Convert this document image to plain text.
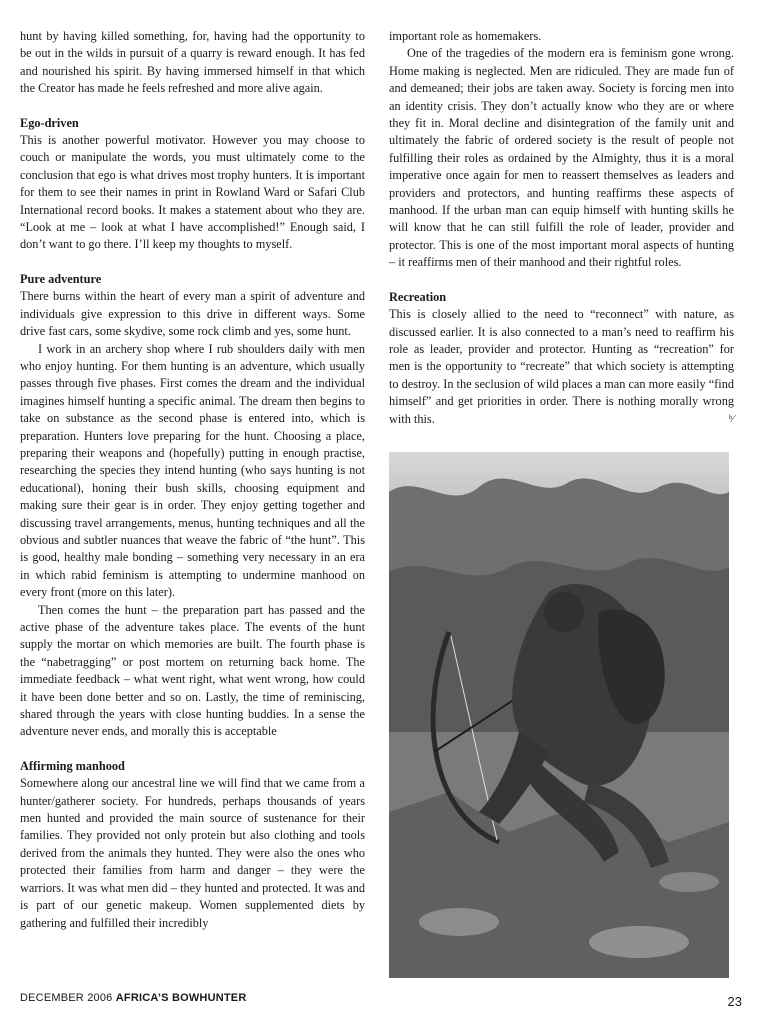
hunt by having killed something, for, having had the opportunity to be out in the wilds in pursuit of a quarry is reward enough. It has fed and nourished his spirit. By having immersed himself in that which the Creator has made he feels refreshed and more alive again.

Ego-driven

This is another powerful motivator. However you may choose to couch or manipulate the words, you must ultimately come to the conclusion that ego is what drives most trophy hunters. It is important for them to see their names in print in Rowland Ward or Safari Club International record books. It makes a statement about who they are. “Look at me – look at what I have accomplished!” Enough said, I don’t want to go there. I’ll keep my thoughts to myself.

Pure adventure

There burns within the heart of every man a spirit of adventure and individuals give expression to this drive in different ways. Some drive fast cars, some skydive, some rock climb and yes, some hunt.

I work in an archery shop where I rub shoulders daily with men who enjoy hunting. For them hunting is an adventure, which usually passes through five phases. First comes the dream and the individual imagines himself hunting a specific animal. The dream then begins to take on substance as the second phase is entered into, which is preparation. Hunters love preparing for the hunt. Choosing a place, preparing their weapons and (hopefully) putting in enough practise, researching the species they intend hunting (who says hunting is not educational), honing their bush skills, choosing equipment and making sure their gear is in order. They enjoy getting together and discussing travel arrangements, menus, hunting techniques and all the obvious and subtler nuances that weave the fabric of “the hunt”. This is good, healthy male bonding – something very necessary in an era in which rabid feminism is attempting to undermine manhood on every front (more on this later).

Then comes the hunt – the preparation part has passed and the active phase of the adventure takes place. The events of the hunt supply the mortar on which memories are built. The fourth phase is the “nabetragging” or post mortem on returning back home. The immediate feedback – what went right, what went wrong, how could it have been done better and so on. Lastly, the time of reminiscing, shared through the years with close hunting buddies. In a sense the adventure never ends, and morally this is acceptable

Affirming manhood

Somewhere along our ancestral line we will find that we came from a hunter/gatherer society. For hundreds, perhaps thousands of years men hunted and provided the main source of sustenance for their families. They provided not only protein but also clothing and tools derived from the animals they hunted. They were also the ones who protected their families from harm and danger – they were the warriors. It was what men did – they hunted and protected. It was and is part of our genetic makeup. Women supplemented diets by gathering and fulfilled their incredibly

important role as homemakers.

One of the tragedies of the modern era is feminism gone wrong. Home making is neglected. Men are ridiculed. They are made fun of and demeaned; their jobs are taken away. Society is forcing men into an identity crisis. They don’t actually know who they are or where they fit in. Moral decline and disintegration of the family unit and ultimately the fabric of ordered society is the result of people not fulfilling their roles as ordained by the Almighty, thus it is a moral imperative once again for men to reassert themselves as leaders and providers and protectors, and hunting reaffirms these aspects of manhood. If the urban man can equip himself with hunting skills he will know that he can still fulfill the role of leader, provider and protector. This is one of the most important moral aspects of hunting – it reaffirms men of their manhood and their rightful roles.

Recreation

This is closely allied to the need to “reconnect” with nature, as discussed earlier. It is also connected to a man’s need to reaffirm his role as leader, provider and protector. Hunting as “recreation” for men is the opportunity to “recreate” that which society is attempting to destroy. In the seclusion of wild places a man can more easily “find himself” and get priorities in order. There is nothing morally wrong with this.	ᵇ⁄

DECEMBER 2006 AFRICA’S BOWHUNTER	23
